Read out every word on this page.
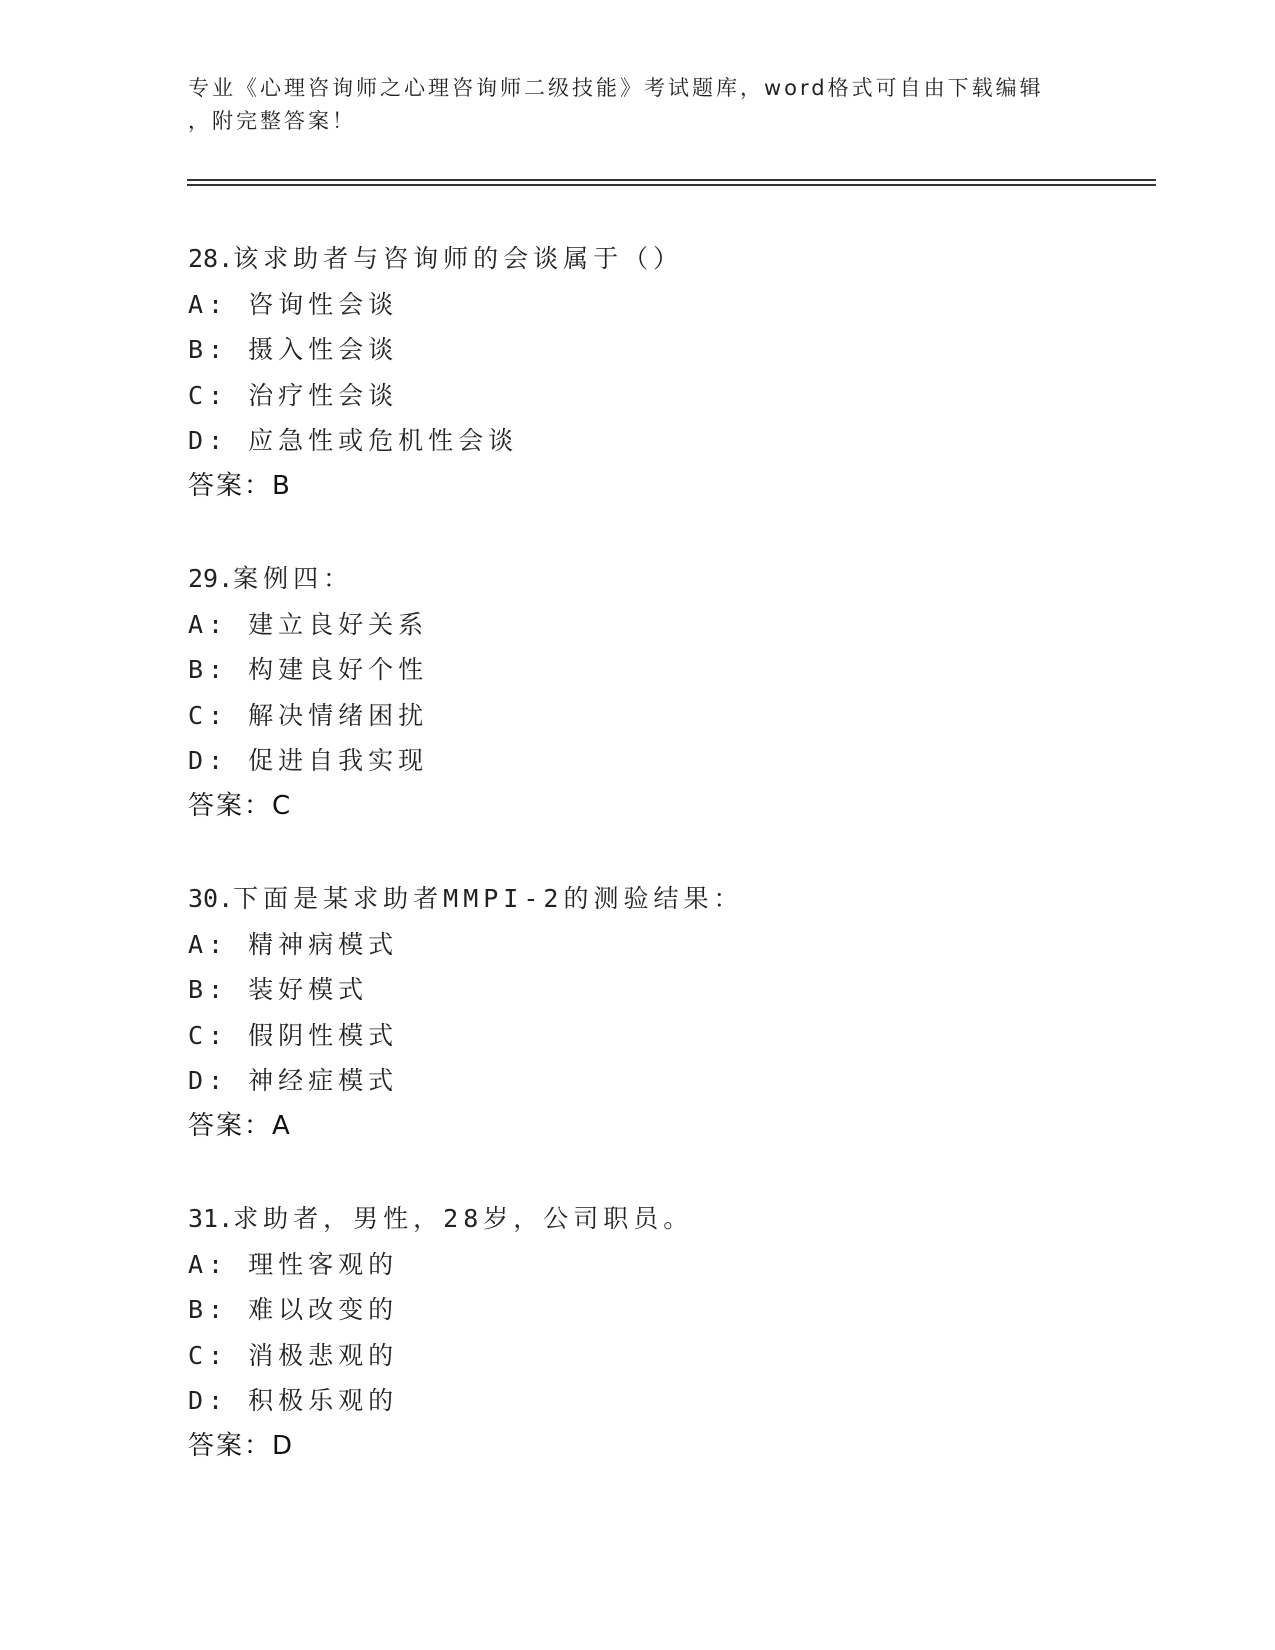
专业《心理咨询师之心理咨询师二级技能》考试题库，word格式可自由下载编辑
，附完整答案！
28.该求助者与咨询师的会谈属于（）
A: 咨询性会谈
B: 摄入性会谈
C: 治疗性会谈
D: 应急性或危机性会谈
答案：B
29.案例四：
A: 建立良好关系
B: 构建良好个性
C: 解决情绪困扰
D: 促进自我实现
答案：C
30.下面是某求助者MMPI-2的测验结果：
A: 精神病模式
B: 装好模式
C: 假阴性模式
D: 神经症模式
答案：A
31.求助者，男性，28岁，公司职员。
A: 理性客观的
B: 难以改变的
C: 消极悲观的
D: 积极乐观的
答案：D
